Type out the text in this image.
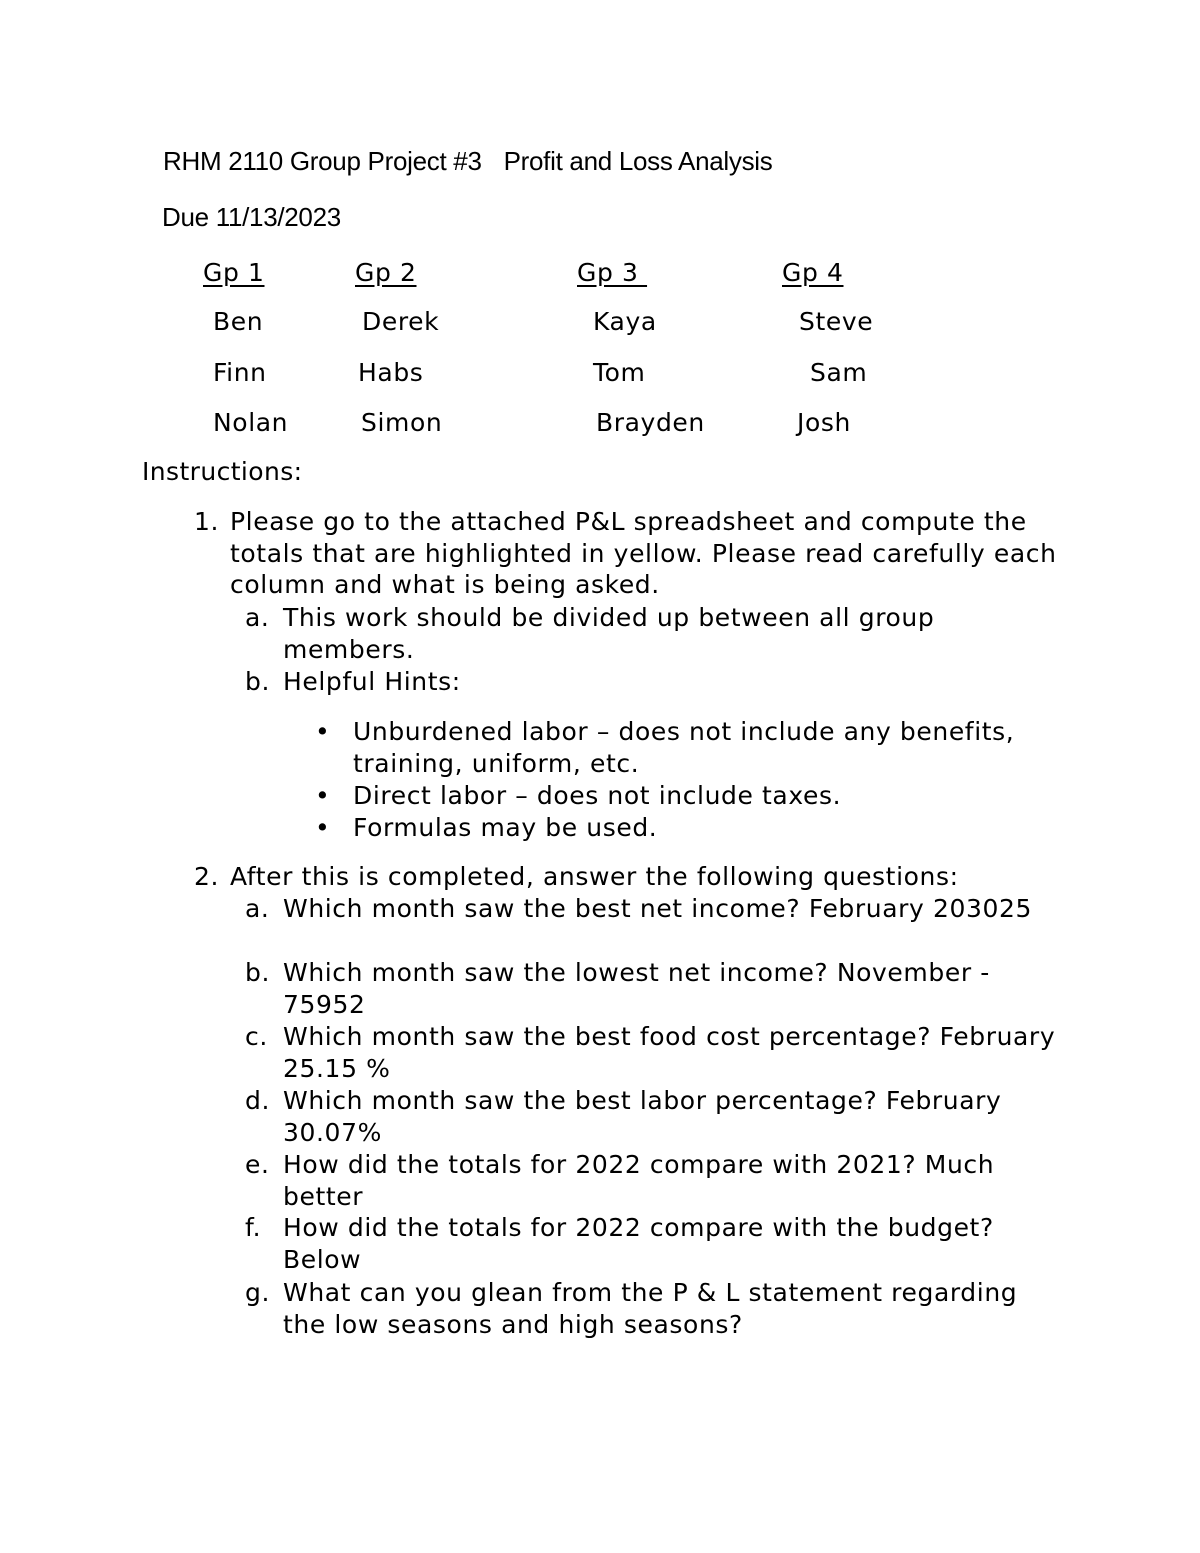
RHM 2110 Group Project #3 Profit and Loss Analysis
Due 11/13/2023
Gp 1	Gp 2	Gp 3	Gp 4
Ben	Derek	Kaya	Steve
Finn	Habs	Tom	Sam
Nolan	Simon	Brayden	Josh
Instructions:
1. Please go to the attached P&L spreadsheet and compute the totals that are highlighted in yellow. Please read carefully each column and what is being asked.
a. This work should be divided up between all group members.
b. Helpful Hints:
• Unburdened labor – does not include any benefits, training, uniform, etc.
• Direct labor – does not include taxes.
• Formulas may be used.
2. After this is completed, answer the following questions:
a. Which month saw the best net income? February 203025
b. Which month saw the lowest net income? November - 75952
c. Which month saw the best food cost percentage? February 25.15 %
d. Which month saw the best labor percentage? February 30.07%
e. How did the totals for 2022 compare with 2021? Much better
f. How did the totals for 2022 compare with the budget? Below
g. What can you glean from the P & L statement regarding the low seasons and high seasons?
